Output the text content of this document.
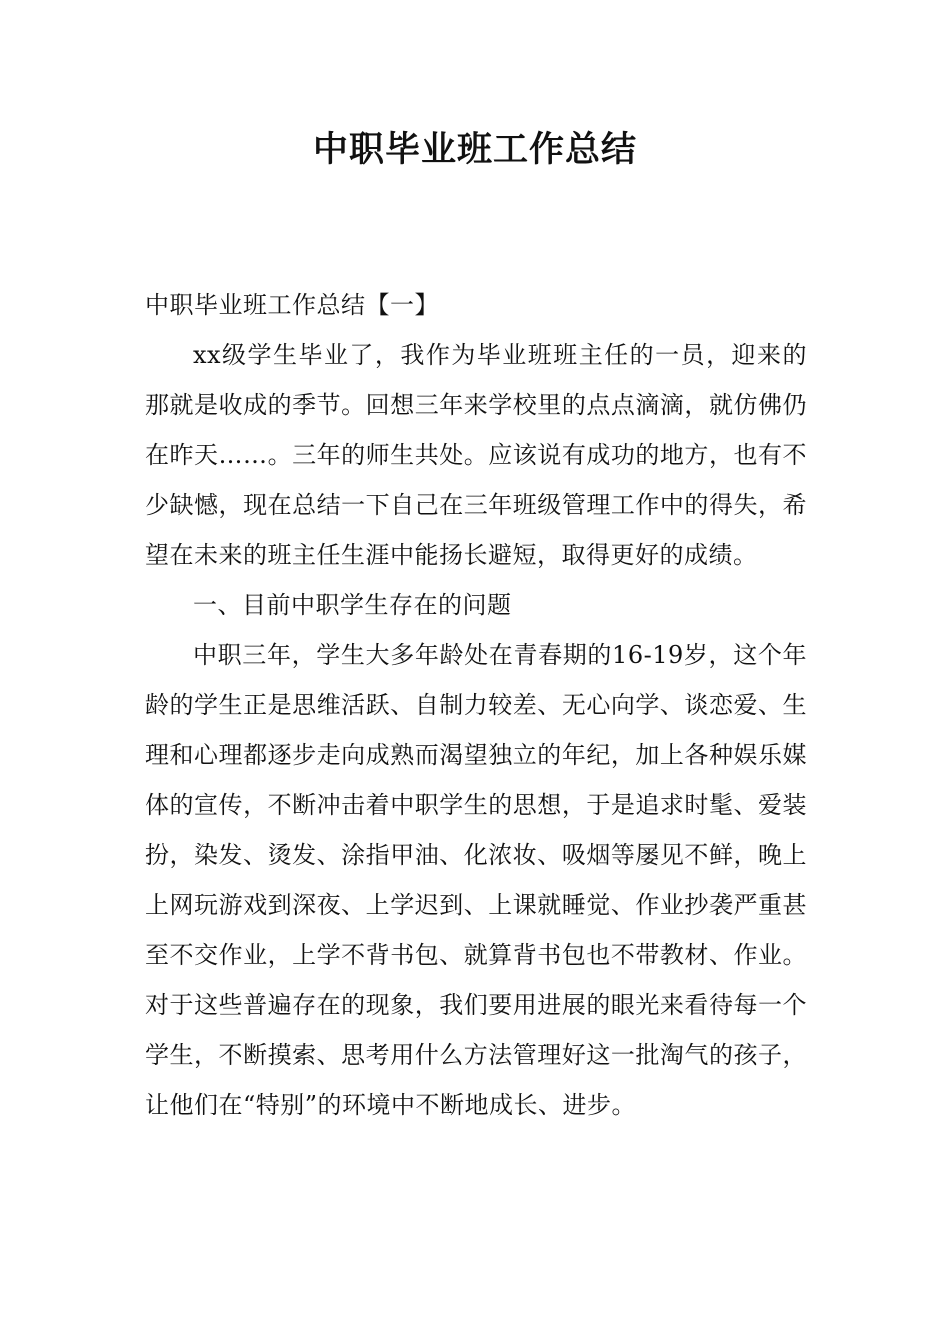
中职毕业班工作总结

中职毕业班工作总结【一】

xx级学生毕业了，我作为毕业班班主任的一员，迎来的那就是收成的季节。回想三年来学校里的点点滴滴，就仿佛仍在昨天……。三年的师生共处。应该说有成功的地方，也有不少缺憾，现在总结一下自己在三年班级管理工作中的得失，希望在未来的班主任生涯中能扬长避短，取得更好的成绩。

一、目前中职学生存在的问题

中职三年，学生大多年龄处在青春期的16-19岁，这个年龄的学生正是思维活跃、自制力较差、无心向学、谈恋爱、生理和心理都逐步走向成熟而渴望独立的年纪，加上各种娱乐媒体的宣传，不断冲击着中职学生的思想，于是追求时髦、爱装扮，染发、烫发、涂指甲油、化浓妆、吸烟等屡见不鲜，晚上上网玩游戏到深夜、上学迟到、上课就睡觉、作业抄袭严重甚至不交作业，上学不背书包、就算背书包也不带教材、作业。对于这些普遍存在的现象，我们要用进展的眼光来看待每一个学生，不断摸索、思考用什么方法管理好这一批淘气的孩子，让他们在“特别”的环境中不断地成长、进步。
